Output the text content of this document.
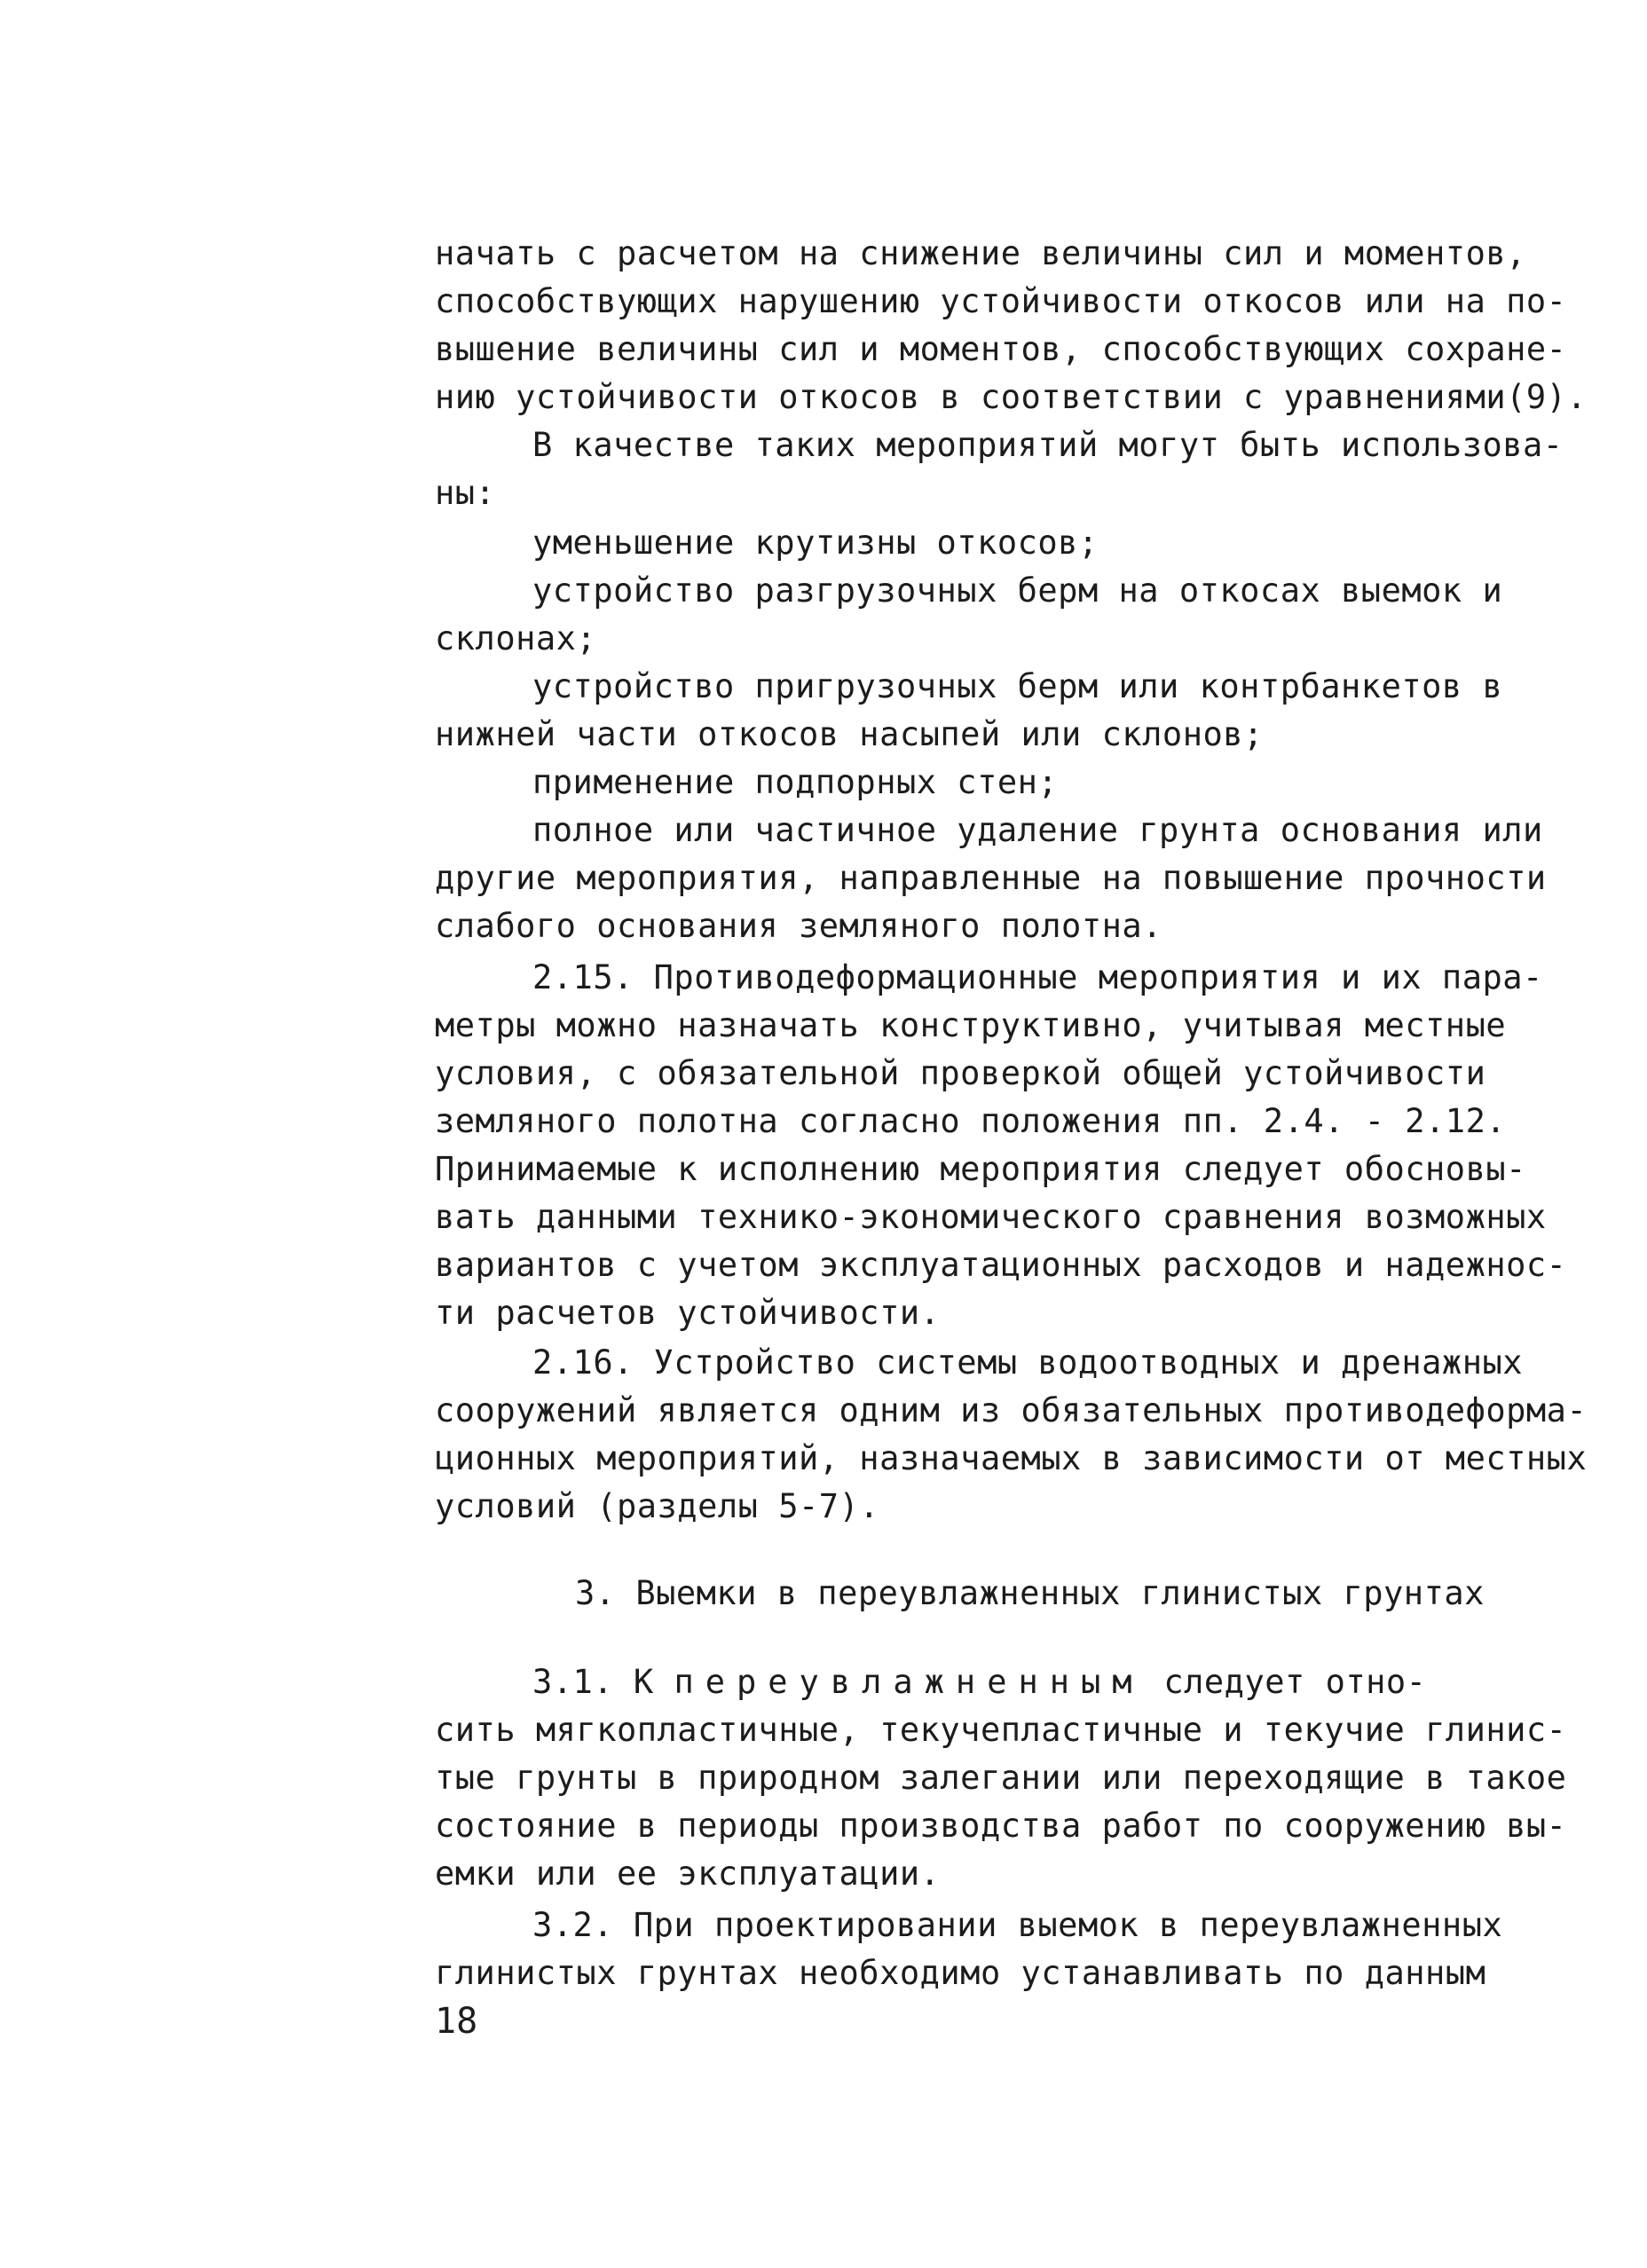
начать с расчетом на снижение величины сил и моментов,
способствующих нарушению устойчивости откосов или на по-
вышение величины сил и моментов, способствующих сохране-
нию устойчивости откосов в соответствии с уравнениями(9).
В качестве таких мероприятий могут быть использова-
ны:
уменьшение крутизны откосов;
устройство разгрузочных берм на откосах выемок и
склонах;
устройство пригрузочных берм или контрбанкетов в
нижней части откосов насыпей или склонов;
применение подпорных стен;
полное или частичное удаление грунта основания или
другие мероприятия, направленные на повышение прочности
слабого основания земляного полотна.
2.15. Противодеформационные мероприятия и их пара-
метры можно назначать конструктивно, учитывая местные
условия, с обязательной проверкой общей устойчивости
земляного полотна согласно положения пп. 2.4. - 2.12.
Принимаемые к исполнению мероприятия следует обосновы-
вать данными технико-экономического сравнения возможных
вариантов с учетом эксплуатационных расходов и надежнос-
ти расчетов устойчивости.
2.16. Устройство системы водоотводных и дренажных
сооружений является одним из обязательных противодеформа-
ционных мероприятий, назначаемых в зависимости от местных
условий (разделы 5-7).
3. Выемки в переувлажненных глинистых грунтах
3.1. К переувлажненным следует отно-
сить мягкопластичные, текучепластичные и текучие глинис-
тые грунты в природном залегании или переходящие в такое
состояние в периоды производства работ по сооружению вы-
емки или ее эксплуатации.
3.2. При проектировании выемок в переувлажненных
глинистых грунтах необходимо устанавливать по данным
18
